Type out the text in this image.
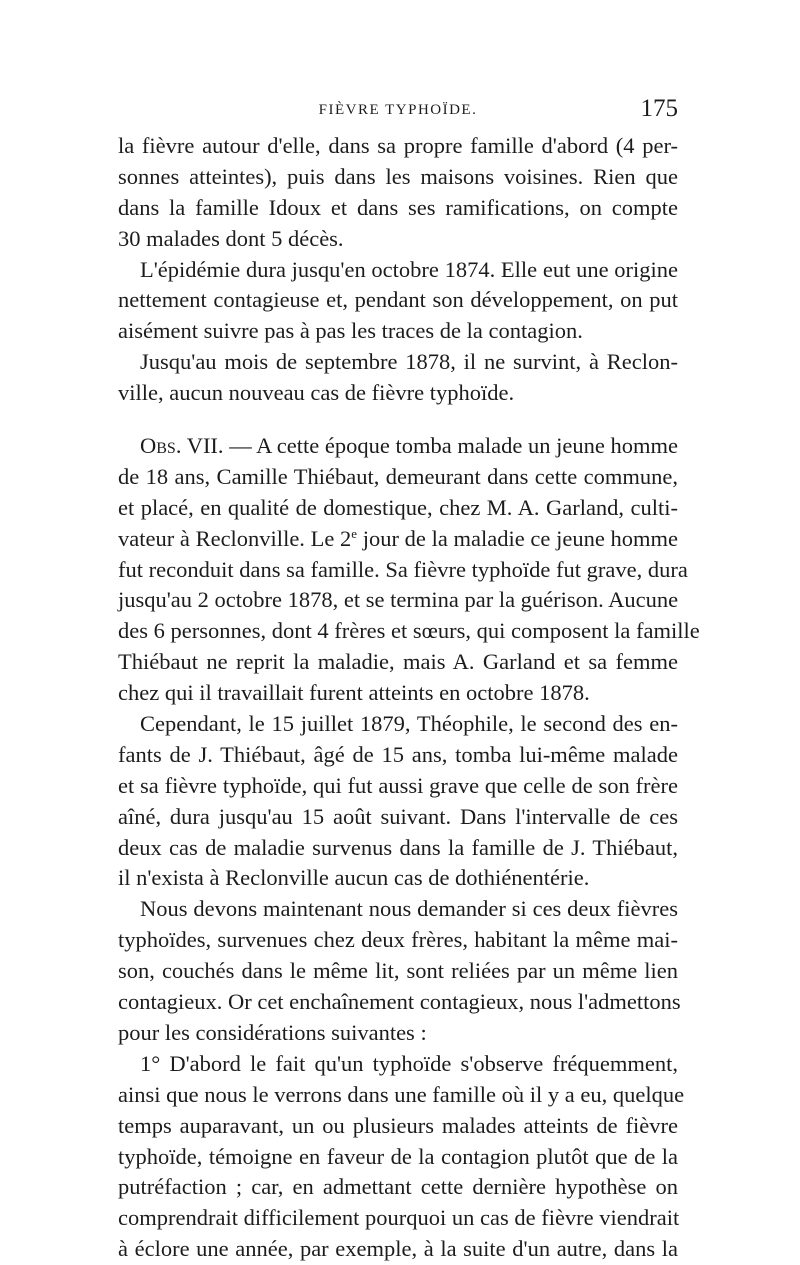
FIÈVRE TYPHOÏDE.	175
la fièvre autour d'elle, dans sa propre famille d'abord (4 per-
sonnes atteintes), puis dans les maisons voisines. Rien que
dans la famille Idoux et dans ses ramifications, on compte
30 malades dont 5 décès.
L'épidémie dura jusqu'en octobre 1874. Elle eut une origine
nettement contagieuse et, pendant son développement, on put
aisément suivre pas à pas les traces de la contagion.
Jusqu'au mois de septembre 1878, il ne survint, à Reclon-
ville, aucun nouveau cas de fièvre typhoïde.
Obs. VII. — A cette époque tomba malade un jeune homme
de 18 ans, Camille Thiébaut, demeurant dans cette commune,
et placé, en qualité de domestique, chez M. A. Garland, culti-
vateur à Reclonville. Le 2e jour de la maladie ce jeune homme
fut reconduit dans sa famille. Sa fièvre typhoïde fut grave, dura
jusqu'au 2 octobre 1878, et se termina par la guérison. Aucune
des 6 personnes, dont 4 frères et sœurs, qui composent la famille
Thiébaut ne reprit la maladie, mais A. Garland et sa femme
chez qui il travaillait furent atteints en octobre 1878.
Cependant, le 15 juillet 1879, Théophile, le second des en-
fants de J. Thiébaut, âgé de 15 ans, tomba lui-même malade
et sa fièvre typhoïde, qui fut aussi grave que celle de son frère
aîné, dura jusqu'au 15 août suivant. Dans l'intervalle de ces
deux cas de maladie survenus dans la famille de J. Thiébaut,
il n'exista à Reclonville aucun cas de dothiénentérie.
Nous devons maintenant nous demander si ces deux fièvres
typhoïdes, survenues chez deux frères, habitant la même mai-
son, couchés dans le même lit, sont reliées par un même lien
contagieux. Or cet enchaînement contagieux, nous l'admettons
pour les considérations suivantes :
1° D'abord le fait qu'un typhoïde s'observe fréquemment,
ainsi que nous le verrons dans une famille où il y a eu, quelque
temps auparavant, un ou plusieurs malades atteints de fièvre
typhoïde, témoigne en faveur de la contagion plutôt que de la
putréfaction ; car, en admettant cette dernière hypothèse on
comprendrait difficilement pourquoi un cas de fièvre viendrait
à éclore une année, par exemple, à la suite d'un autre, dans la
